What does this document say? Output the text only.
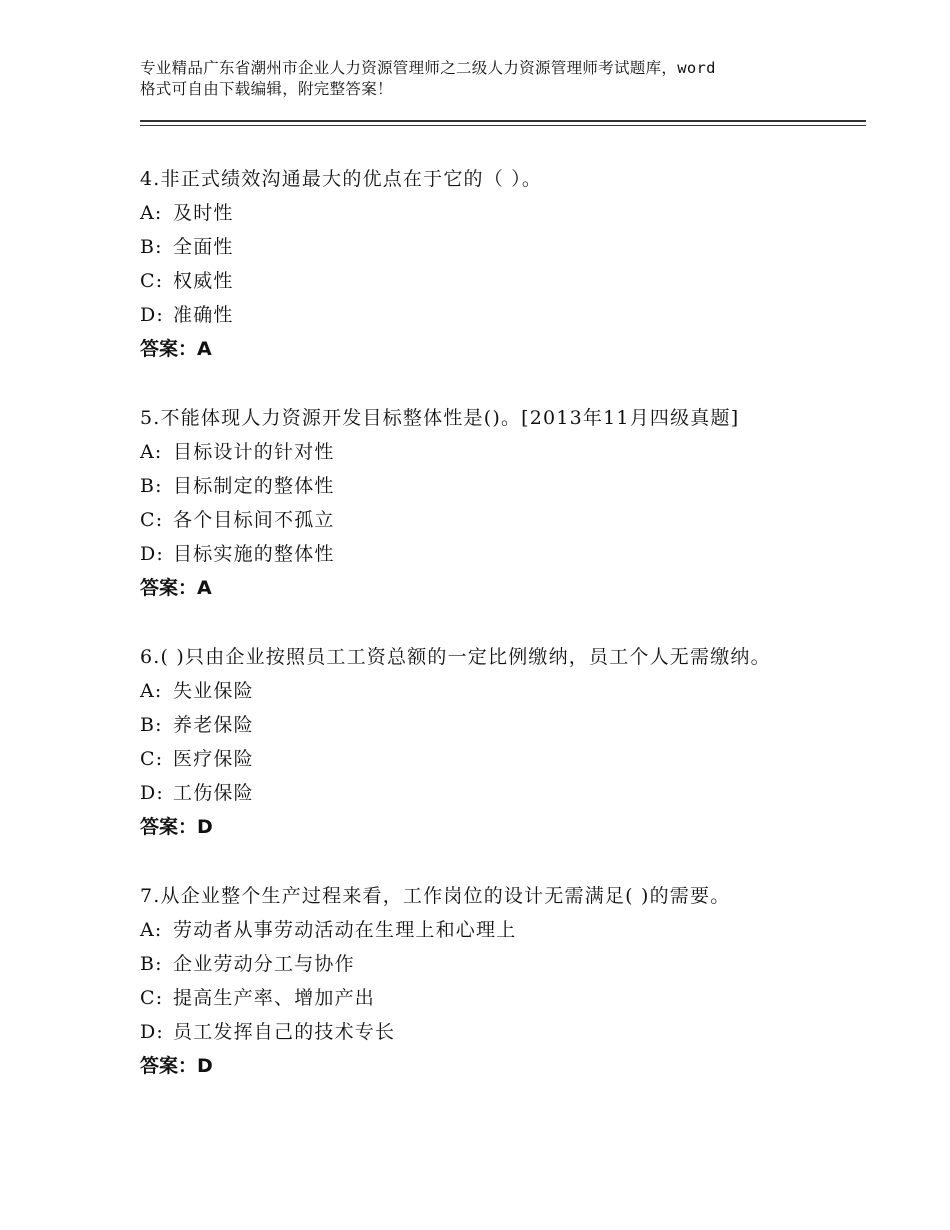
专业精品广东省潮州市企业人力资源管理师之二级人力资源管理师考试题库，word
格式可自由下载编辑，附完整答案！
4.非正式绩效沟通最大的优点在于它的（ ）。
A: 及时性
B: 全面性
C: 权威性
D: 准确性
答案：A
5.不能体现人力资源开发目标整体性是()。[2013年11月四级真题]
A: 目标设计的针对性
B: 目标制定的整体性
C: 各个目标间不孤立
D: 目标实施的整体性
答案：A
6.( )只由企业按照员工工资总额的一定比例缴纳，员工个人无需缴纳。
A: 失业保险
B: 养老保险
C: 医疗保险
D: 工伤保险
答案：D
7.从企业整个生产过程来看，工作岗位的设计无需满足( )的需要。
A: 劳动者从事劳动活动在生理上和心理上
B: 企业劳动分工与协作
C: 提高生产率、增加产出
D: 员工发挥自己的技术专长
答案：D
